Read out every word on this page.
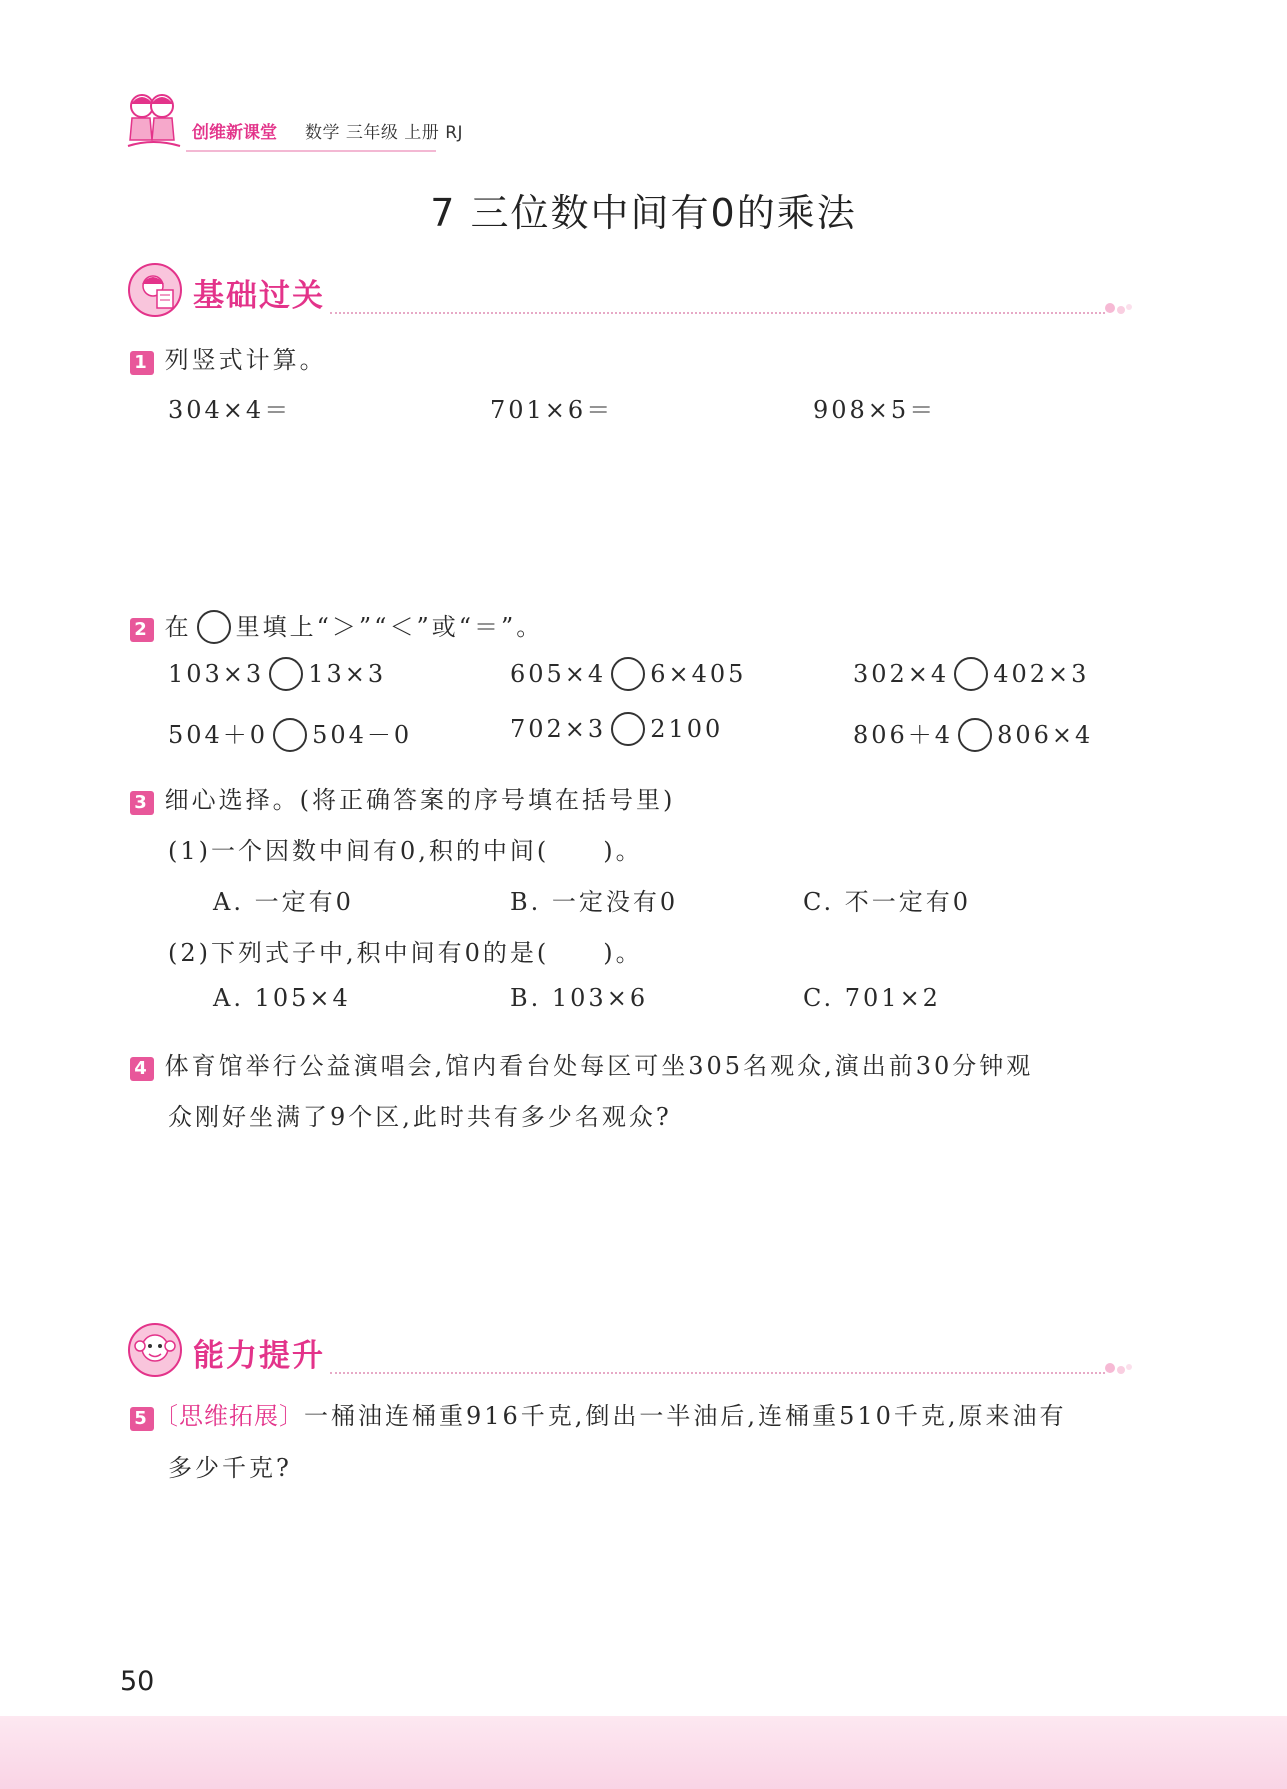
创维新课堂 数学 三年级 上册 RJ
7 三位数中间有0的乘法
基础过关
1 列竖式计算。
304×4＝	701×6＝	908×5＝
2 在 里填上“＞”“＜”或“＝”。
103×3 13×3	605×4 6×405	302×4 402×3
504＋0 504－0	702×3 2100	806＋4 806×4
3 细心选择。(将正确答案的序号填在括号里)
(1)一个因数中间有0,积的中间(　　)。
A. 一定有0	B. 一定没有0	C. 不一定有0
(2)下列式子中,积中间有0的是(　　)。
A. 105×4	B. 103×6	C. 701×2
4 体育馆举行公益演唱会,馆内看台处每区可坐305名观众,演出前30分钟观
众刚好坐满了9个区,此时共有多少名观众?
能力提升
5 〔思维拓展〕一桶油连桶重916千克,倒出一半油后,连桶重510千克,原来油有
多少千克?
50
